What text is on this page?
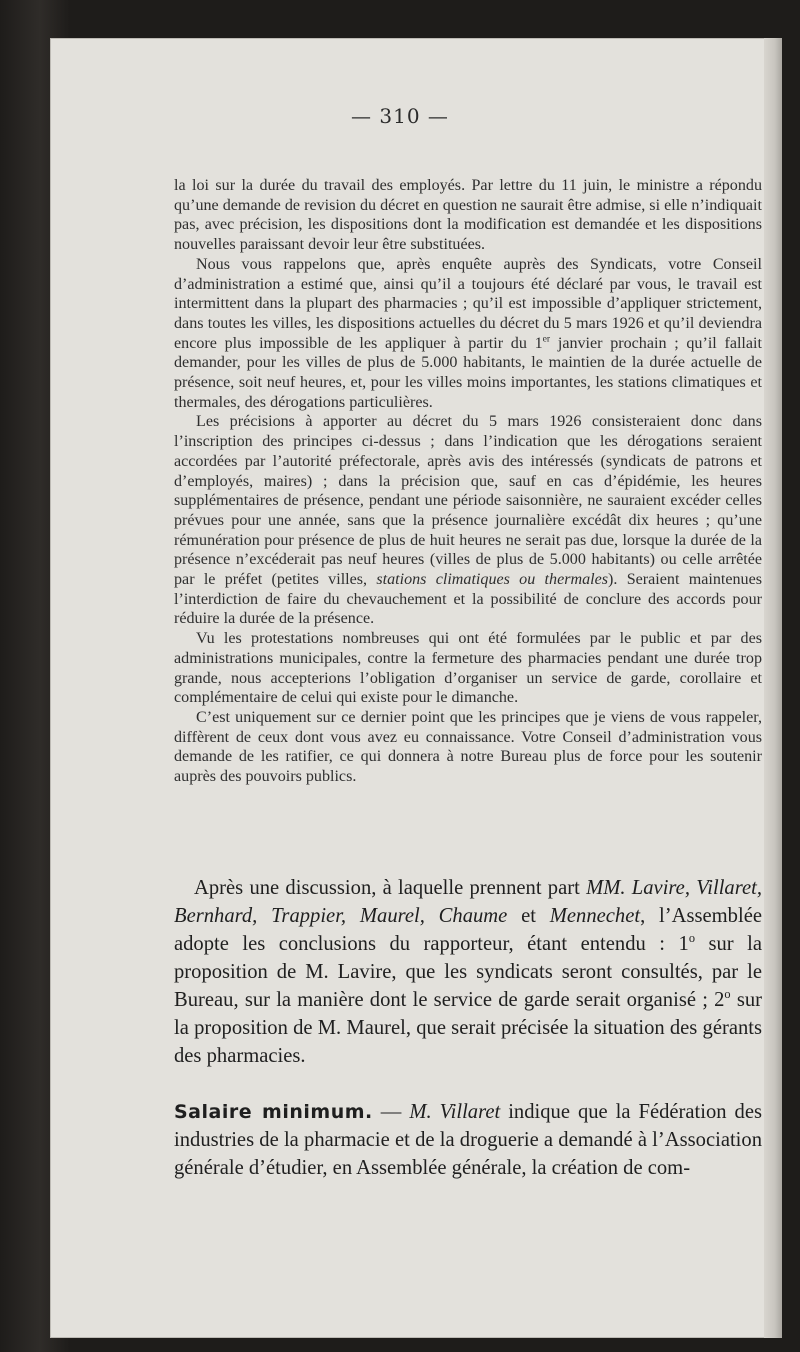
— 310 —

la loi sur la durée du travail des employés. Par lettre du 11 juin, le ministre a répondu qu’une demande de revision du décret en question ne saurait être admise, si elle n’indiquait pas, avec précision, les dispositions dont la modification est demandée et les dispositions nouvelles paraissant devoir leur être substituées.

Nous vous rappelons que, après enquête auprès des Syndicats, votre Conseil d’administration a estimé que, ainsi qu’il a toujours été déclaré par vous, le travail est intermittent dans la plupart des pharmacies ; qu’il est impossible d’appliquer strictement, dans toutes les villes, les dispositions actuelles du décret du 5 mars 1926 et qu’il deviendra encore plus impossible de les appliquer à partir du 1er janvier prochain ; qu’il fallait demander, pour les villes de plus de 5.000 habitants, le maintien de la durée actuelle de présence, soit neuf heures, et, pour les villes moins importantes, les stations climatiques et thermales, des dérogations particulières.

Les précisions à apporter au décret du 5 mars 1926 consisteraient donc dans l’inscription des principes ci-dessus ; dans l’indication que les dérogations seraient accordées par l’autorité préfectorale, après avis des intéressés (syndicats de patrons et d’employés, maires) ; dans la précision que, sauf en cas d’épidémie, les heures supplémentaires de présence, pendant une période saisonnière, ne sauraient excéder celles prévues pour une année, sans que la présence journalière excédât dix heures ; qu’une rémunération pour présence de plus de huit heures ne serait pas due, lorsque la durée de la présence n’excéderait pas neuf heures (villes de plus de 5.000 habitants) ou celle arrêtée par le préfet (petites villes, stations climatiques ou thermales). Seraient maintenues l’interdiction de faire du chevauchement et la possibilité de conclure des accords pour réduire la durée de la présence.

Vu les protestations nombreuses qui ont été formulées par le public et par des administrations municipales, contre la fermeture des pharmacies pendant une durée trop grande, nous accepterions l’obligation d’organiser un service de garde, corollaire et complémentaire de celui qui existe pour le dimanche.

C’est uniquement sur ce dernier point que les principes que je viens de vous rappeler, diffèrent de ceux dont vous avez eu connaissance. Votre Conseil d’administration vous demande de les ratifier, ce qui donnera à notre Bureau plus de force pour les soutenir auprès des pouvoirs publics.

Après une discussion, à laquelle prennent part MM. Lavire, Villaret, Bernhard, Trappier, Maurel, Chaume et Mennechet, l’Assemblée adopte les conclusions du rapporteur, étant entendu : 1$^o$ sur la proposition de M. Lavire, que les syndicats seront consultés, par le Bureau, sur la manière dont le service de garde serait organisé ; 2$^o$ sur la proposition de M. Maurel, que serait précisée la situation des gérants des pharmacies.

Salaire minimum. — M. Villaret indique que la Fédération des industries de la pharmacie et de la droguerie a demandé à l’Association générale d’étudier, en Assemblée générale, la création de com-
